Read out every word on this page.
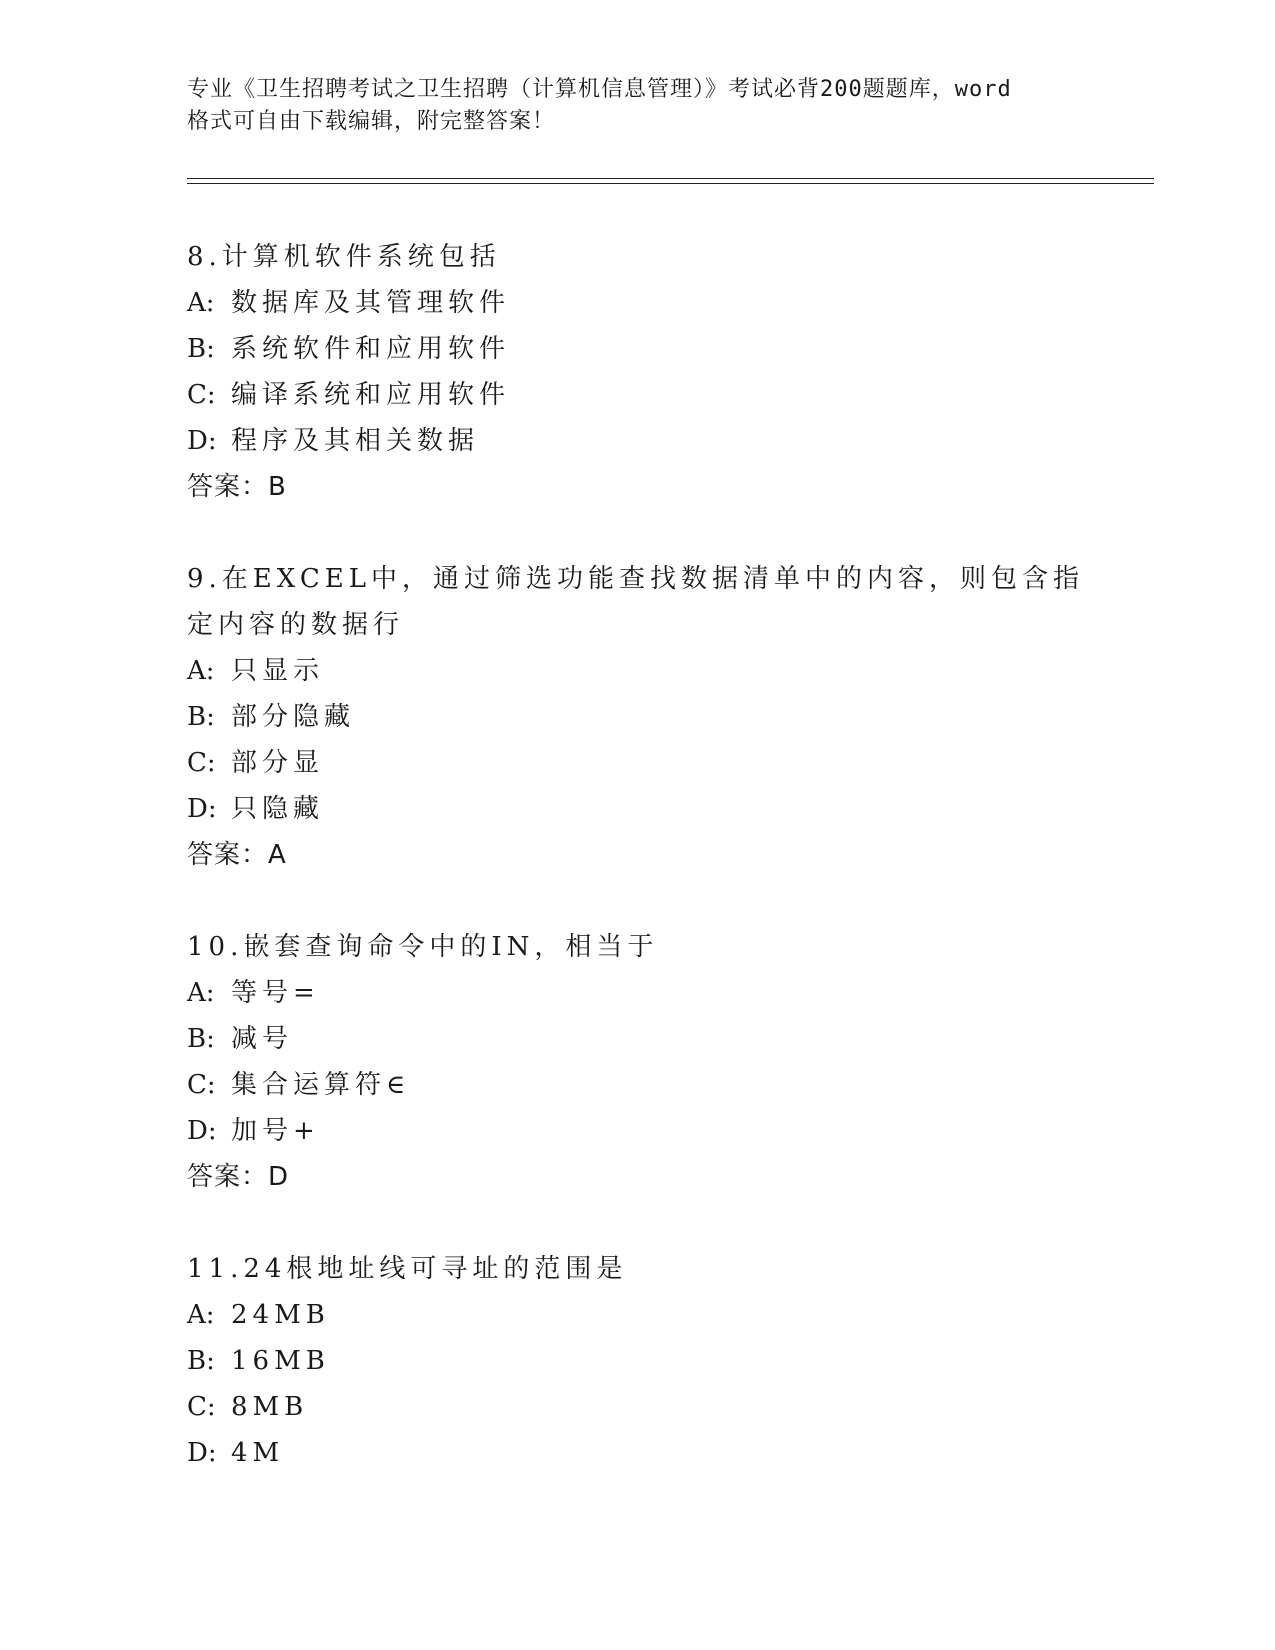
专业《卫生招聘考试之卫生招聘（计算机信息管理）》考试必背200题题库，word
格式可自由下载编辑，附完整答案！
8.计算机软件系统包括
A: 数据库及其管理软件
B: 系统软件和应用软件
C: 编译系统和应用软件
D: 程序及其相关数据
答案：B
9.在EXCEL中，通过筛选功能查找数据清单中的内容，则包含指定内容的数据行
A: 只显示
B: 部分隐藏
C: 部分显
D: 只隐藏
答案：A
10.嵌套查询命令中的IN，相当于
A: 等号=
B: 减号
C: 集合运算符∈
D: 加号+
答案：D
11.24根地址线可寻址的范围是
A: 24MB
B: 16MB
C: 8MB
D: 4M
